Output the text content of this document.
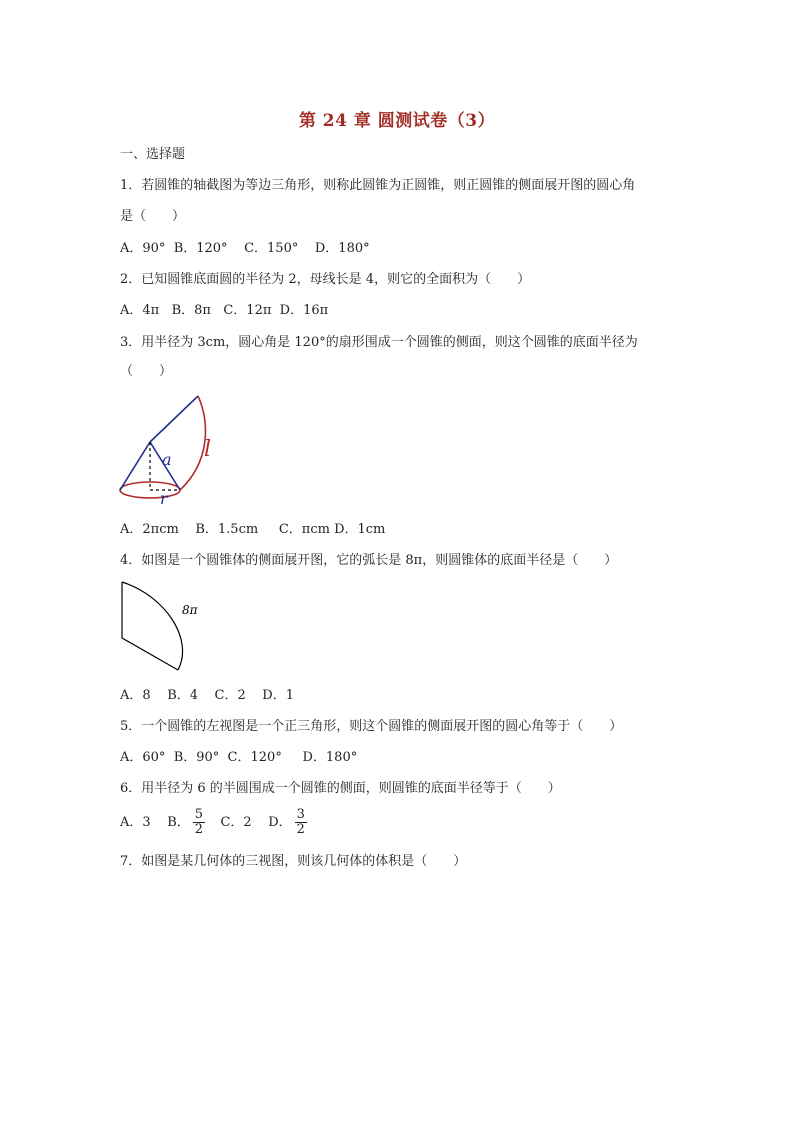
第 24 章 圆测试卷（3）
一、选择题
1．若圆锥的轴截图为等边三角形，则称此圆锥为正圆锥，则正圆锥的侧面展开图的圆心角
是（　　）
A．90°  B．120°    C．150°    D．180°
2．已知圆锥底面圆的半径为 2，母线长是 4，则它的全面积为（　　）
A．4π   B．8π   C．12π  D．16π
3．用半径为 3cm，圆心角是 120°的扇形围成一个圆锥的侧面，则这个圆锥的底面半径为
（　　）
a l
r
A．2πcm    B．1.5cm     C．πcm D．1cm
4．如图是一个圆锥体的侧面展开图，它的弧长是 8π，则圆锥体的底面半径是（　　）
8π
A．8    B．4    C．2    D．1
5．一个圆锥的左视图是一个正三角形，则这个圆锥的侧面展开图的圆心角等于（　　）
A．60°  B．90°  C．120°     D．180°
6．用半径为 6 的半圆围成一个圆锥的侧面，则圆锥的底面半径等于（　　）
A．3 B． $\frac{5}{2}$ C．2 D． $\frac{3}{2}$
7．如图是某几何体的三视图，则该几何体的体积是（　　）
